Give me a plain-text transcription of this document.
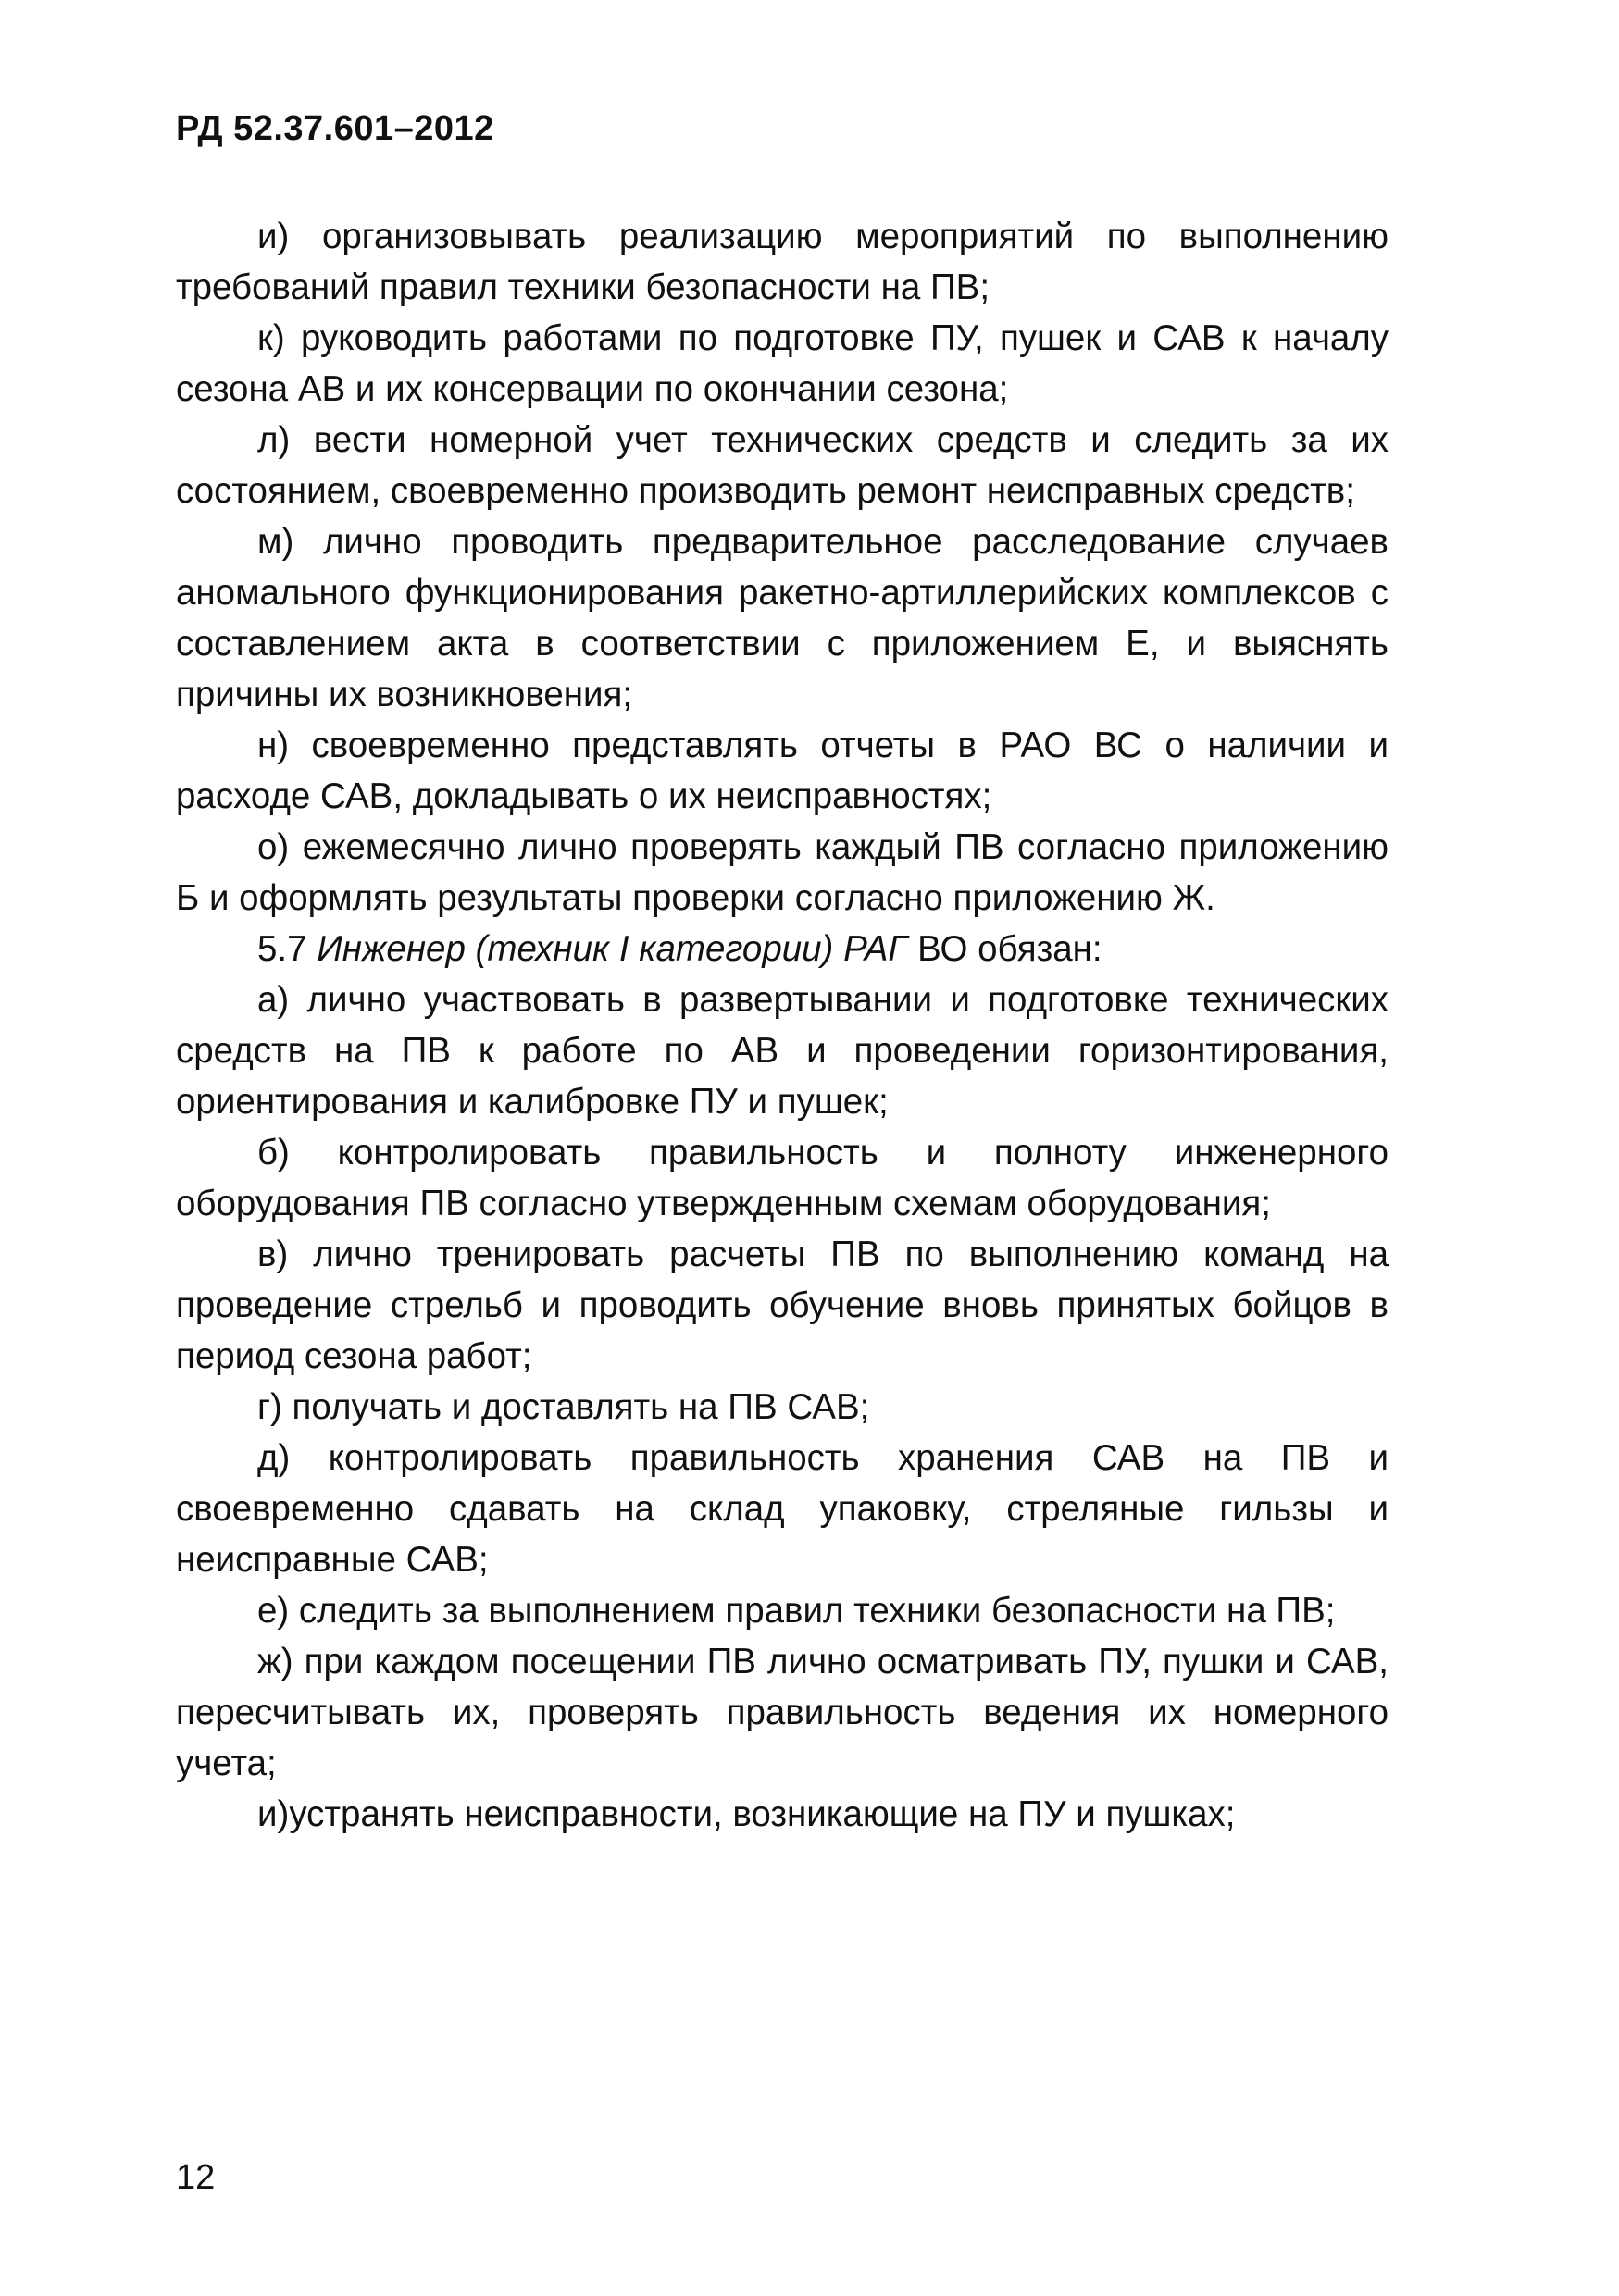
РД 52.37.601–2012

и) организовывать реализацию мероприятий по выполнению требований правил техники безопасности на ПВ;

к) руководить работами по подготовке ПУ, пушек и САВ к началу сезона АВ и их консервации по окончании сезона;

л) вести номерной учет технических средств и следить за их состоянием, своевременно производить ремонт неисправных средств;

м) лично проводить предварительное расследование случаев аномального функционирования ракетно-артиллерийских комплексов с составлением акта в соответствии с приложением Е, и выяснять причины их возникновения;

н) своевременно представлять отчеты в РАО ВС о наличии и расходе САВ, докладывать о их неисправностях;

о) ежемесячно лично проверять каждый ПВ согласно приложению Б и оформлять результаты проверки согласно приложению Ж.

5.7 Инженер (техник I категории) РАГ ВО обязан:

а) лично участвовать в развертывании и подготовке технических средств на ПВ к работе по АВ и проведении горизонтирования, ориентирования и калибровке ПУ и пушек;

б) контролировать правильность и полноту инженерного оборудования ПВ согласно утвержденным схемам оборудования;

в) лично тренировать расчеты ПВ по выполнению команд на проведение стрельб и проводить обучение вновь принятых бойцов в период сезона работ;

г) получать и доставлять на ПВ САВ;

д) контролировать правильность хранения САВ на ПВ и своевременно сдавать на склад упаковку, стреляные гильзы и неисправные САВ;

е) следить за выполнением правил техники безопасности на ПВ;

ж) при каждом посещении ПВ лично осматривать ПУ, пушки и САВ, пересчитывать их, проверять правильность ведения их номерного учета;

и)устранять неисправности, возникающие на ПУ и пушках;

12
